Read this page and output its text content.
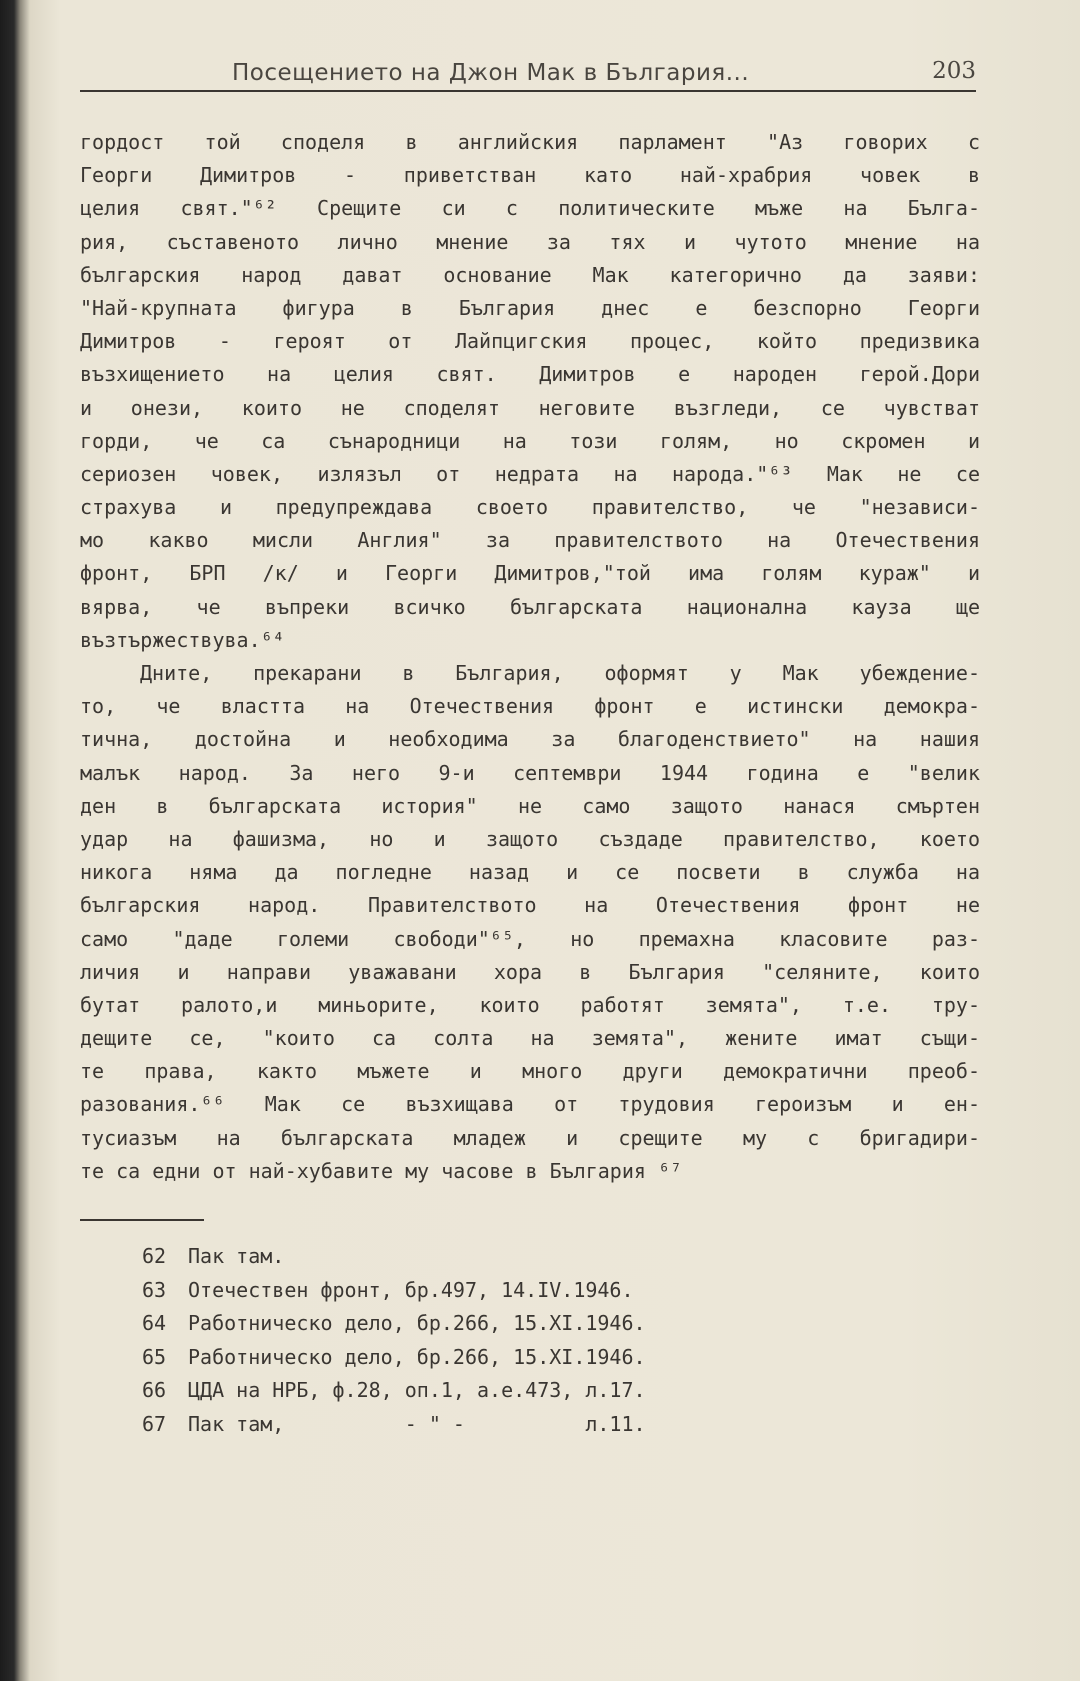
Посещението на Джон Мак в България...	203
гордост той споделя в английския парламент "Аз говорих с
Георги Димитров - приветстван като най-храбрия човек в
целия свят."⁶² Срещите си с политическите мъже на Бълга-
рия, съставеното лично мнение за тях и чутото мнение на
българския народ дават основание Мак категорично да заяви:
"Най-крупната фигура в България днес е безспорно Георги
Димитров - героят от Лайпцигския процес, който предизвика
възхищението на целия свят. Димитров е народен герой.Дори
и онези, които не споделят неговите възгледи, се чувстват
горди, че са сънародници на този голям, но скромен и
сериозен човек, излязъл от недрата на народа."⁶³ Мак не се
страхува и предупреждава своето правителство, че "независи-
мо какво мисли Англия" за правителството на Отечествения
фронт, БРП /к/ и Георги Димитров,"той има голям кураж" и
вярва, че въпреки всичко българската национална кауза ще
възтържествува.⁶⁴
Дните, прекарани в България, оформят у Мак убеждение-
то, че властта на Отечествения фронт е истински демокра-
тична, достойна и необходима за благоденствието" на нашия
малък народ. За него 9-и септември 1944 година е "велик
ден в българската история" не само защото нанася смъртен
удар на фашизма, но и защото създаде правителство, което
никога няма да погледне назад и се посвети в служба на
българския народ. Правителството на Отечествения фронт не
само "даде големи свободи"⁶⁵, но премахна класовите раз-
личия и направи уважавани хора в България "селяните, които
бутат ралото,и миньорите, които работят земята", т.е. тру-
дещите се, "които са солта на земята", жените имат същи-
те права, както мъжете и много други демократични преоб-
разования.⁶⁶ Мак се възхищава от трудовия героизъм и ен-
тусиазъм на българската младеж и срещите му с бригадири-
те са едни от най-хубавите му часове в България ⁶⁷
62 Пак там.
63 Отечествен фронт, бр.497, 14.IV.1946.
64 Работническо дело, бр.266, 15.XI.1946.
65 Работническо дело, бр.266, 15.XI.1946.
66 ЦДА на НРБ, ф.28, оп.1, а.е.473, л.17.
67 Пак там,          - " -          л.11.
